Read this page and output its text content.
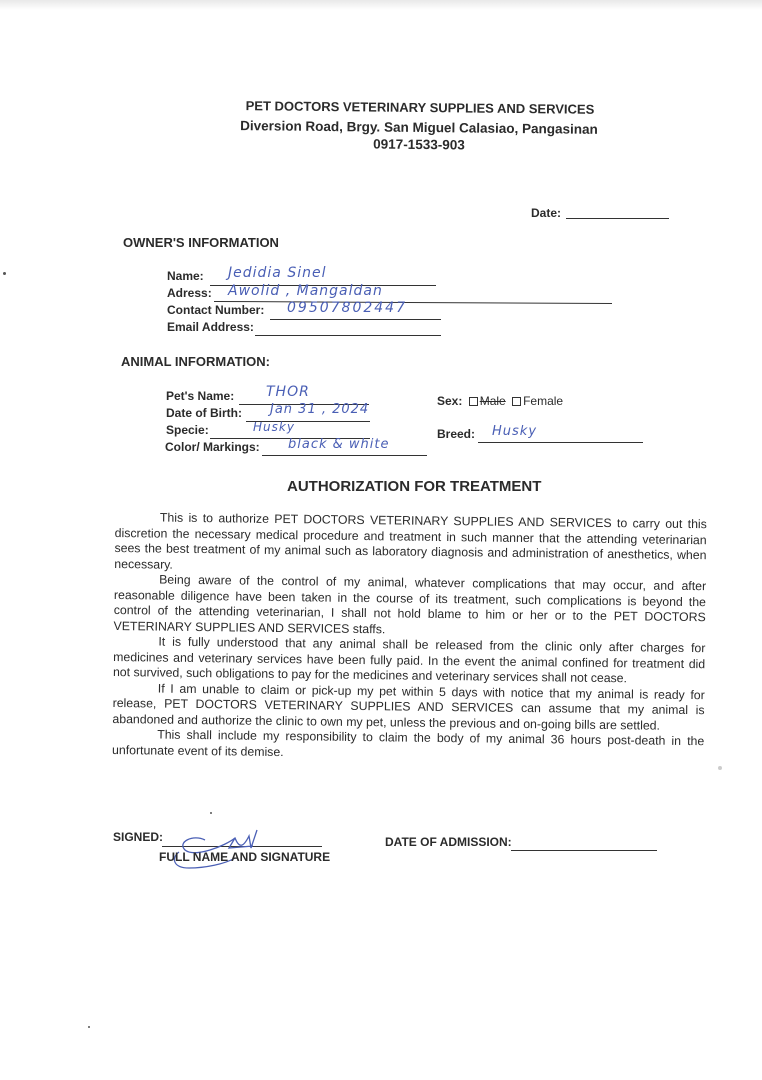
PET DOCTORS VETERINARY SUPPLIES AND SERVICES
Diversion Road, Brgy. San Miguel Calasiao, Pangasinan
0917-1533-903
Date:
OWNER'S INFORMATION
Name: Jedidia Sinel
Adress: Awolid , Mangaldan
Contact Number: 09507802447
Email Address:
ANIMAL INFORMATION:
Pet's Name: THOR
Date of Birth: Jan 31 , 2024
Specie:	Husky
Color/ Markings: black & white
Sex: Male Female
Breed: Husky
AUTHORIZATION FOR TREATMENT

This is to authorize PET DOCTORS VETERINARY SUPPLIES AND SERVICES to carry out this discretion the necessary medical procedure and treatment in such manner that the attending veterinarian sees the best treatment of my animal such as laboratory diagnosis and administration of anesthetics, when necessary.

Being aware of the control of my animal, whatever complications that may occur, and after reasonable diligence have been taken in the course of its treatment, such complications is beyond the control of the attending veterinarian, I shall not hold blame to him or her or to the PET DOCTORS VETERINARY SUPPLIES AND SERVICES staffs.

It is fully understood that any animal shall be released from the clinic only after charges for medicines and veterinary services have been fully paid. In the event the animal confined for treatment did not survived, such obligations to pay for the medicines and veterinary services shall not cease.

If I am unable to claim or pick-up my pet within 5 days with notice that my animal is ready for release, PET DOCTORS VETERINARY SUPPLIES AND SERVICES can assume that my animal is abandoned and authorize the clinic to own my pet, unless the previous and on-going bills are settled.

This shall include my responsibility to claim the body of my animal 36 hours post-death in the unfortunate event of its demise.

SIGNED:
FULL NAME AND SIGNATURE
DATE OF ADMISSION:
